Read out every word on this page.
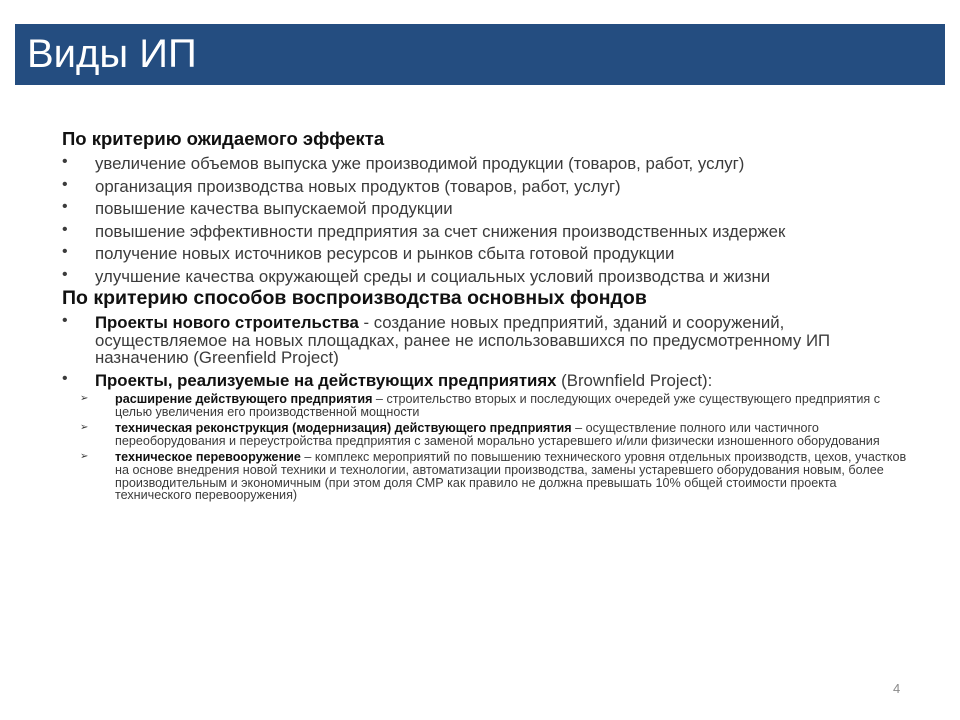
Виды ИП

По критерию ожидаемого эффекта

• увеличение объемов выпуска уже производимой продукции (товаров, работ, услуг)
• организация производства новых продуктов (товаров, работ, услуг)
• повышение качества выпускаемой продукции
• повышение эффективности предприятия за счет снижения производственных издержек
• получение новых источников ресурсов и рынков сбыта готовой продукции
• улучшение качества окружающей среды и социальных условий производства и жизни

По критерию способов воспроизводства основных фондов

• Проекты нового строительства - создание новых предприятий, зданий и сооружений, осуществляемое на новых площадках, ранее не использовавшихся по предусмотренному ИП назначению (Greenfield Project)
• Проекты, реализуемые на действующих предприятиях (Brownfield Project):
➢ расширение действующего предприятия – строительство вторых и последующих очередей уже существующего предприятия с целью увеличения его производственной мощности
➢ техническая реконструкция (модернизация) действующего предприятия – осуществление полного или частичного переоборудования и переустройства предприятия с заменой морально устаревшего и/или физически изношенного оборудования
➢ техническое перевооружение – комплекс мероприятий по повышению технического уровня отдельных производств, цехов, участков на основе внедрения новой техники и технологии, автоматизации производства, замены устаревшего оборудования новым, более производительным и экономичным (при этом доля СМР как правило не должна превышать 10% общей стоимости проекта технического перевооружения)
4
